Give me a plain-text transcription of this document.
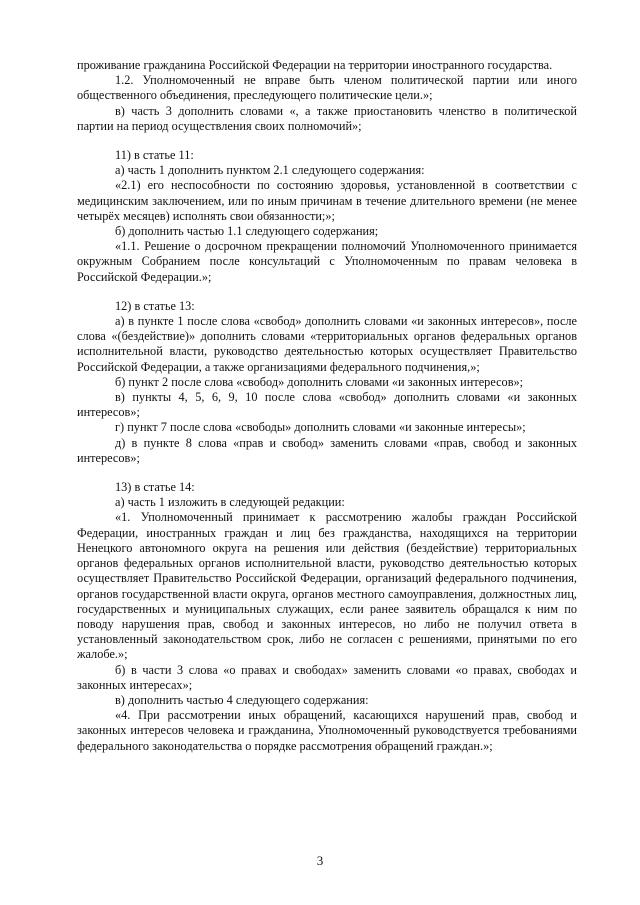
проживание гражданина Российской Федерации на территории иностранного государства.

1.2. Уполномоченный не вправе быть членом политической партии или иного общественного объединения, преследующего политические цели.»;

в) часть 3 дополнить словами «, а также приостановить членство в политической партии на период осуществления своих полномочий»;

11) в статье 11:

а) часть 1 дополнить пунктом 2.1 следующего содержания:

«2.1) его неспособности по состоянию здоровья, установленной в соответствии с медицинским заключением, или по иным причинам в течение длительного времени (не менее четырёх месяцев) исполнять свои обязанности;»;

б) дополнить частью 1.1 следующего содержания;

«1.1. Решение о досрочном прекращении полномочий Уполномоченного принимается окружным Собранием после консультаций с Уполномоченным по правам человека в Российской Федерации.»;

12) в статье 13:

а) в пункте 1 после слова «свобод» дополнить словами «и законных интересов», после слова «(бездействие)» дополнить словами «территориальных органов федеральных органов исполнительной власти, руководство деятельностью которых осуществляет Правительство Российской Федерации, а также организациями федерального подчинения,»;

б) пункт 2 после слова «свобод» дополнить словами «и законных интересов»;

в) пункты 4, 5, 6, 9, 10 после слова «свобод» дополнить словами «и законных интересов»;

г) пункт 7 после слова «свободы» дополнить словами «и законные интересы»;

д) в пункте 8 слова «прав и свобод» заменить словами «прав, свобод и законных интересов»;

13) в статье 14:

а) часть 1 изложить в следующей редакции:

«1. Уполномоченный принимает к рассмотрению жалобы граждан Российской Федерации, иностранных граждан и лиц без гражданства, находящихся на территории Ненецкого автономного округа на решения или действия (бездействие) территориальных органов федеральных органов исполнительной власти, руководство деятельностью которых осуществляет Правительство Российской Федерации, организаций федерального подчинения, органов государственной власти округа, органов местного самоуправления, должностных лиц, государственных и муниципальных служащих, если ранее заявитель обращался к ним по поводу нарушения прав, свобод и законных интересов, но либо не получил ответа в установленный законодательством срок, либо не согласен с решениями, принятыми по его жалобе.»;

б) в части 3 слова «о правах и свободах» заменить словами «о правах, свободах и законных интересах»;

в) дополнить частью 4 следующего содержания:

«4. При рассмотрении иных обращений, касающихся нарушений прав, свобод и законных интересов человека и гражданина, Уполномоченный руководствуется требованиями федерального законодательства о порядке рассмотрения обращений граждан.»;

3
